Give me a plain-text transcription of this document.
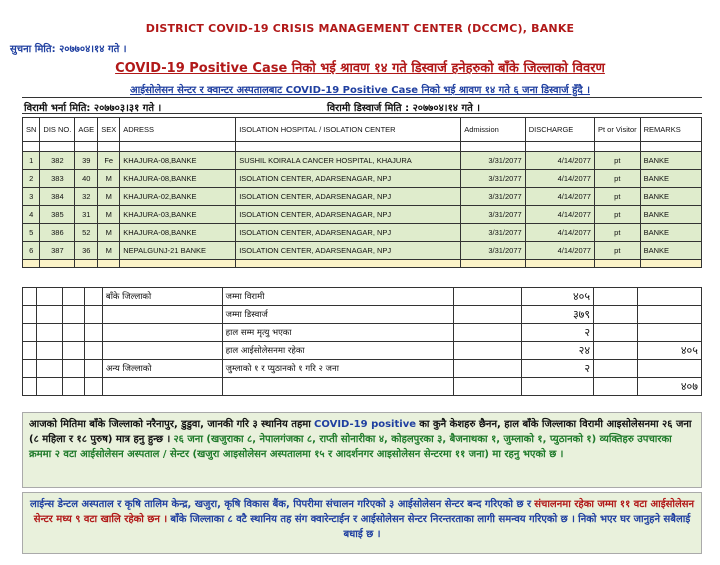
DISTRICT COVID-19 CRISIS MANAGEMENT CENTER (DCCMC), BANKE
सुचना मिति: २०७७०४।१४ गते ।
COVID-19 Positive Case निको भई श्रावण १४ गते डिस्वार्ज हनेहरुको बाँके जिल्लाको विवरण
आईसोलेसन सेन्टर र क्वान्टर अस्पतालबाट COVID-19 Positive Case निको भई श्रावण १४ गते ६ जना डिस्वार्ज हुँदै ।
विरामी भर्ना मिति: २०७७०३।३१ गते ।	विरामी डिस्वार्ज मिति : २०७७०४।१४ गते ।
SN	DIS NO.	AGE	SEX	ADRESS	ISOLATION HOSPITAL / ISOLATION CENTER	Admission	DISCHARGE	Pt or Visitor	REMARKS

1	382	39	Fe	KHAJURA-08,BANKE	SUSHIL KOIRALA CANCER HOSPITAL, KHAJURA	3/31/2077	4/14/2077	pt	BANKE
2	383	40	M	KHAJURA-08,BANKE	ISOLATION CENTER, ADARSENAGAR, NPJ	3/31/2077	4/14/2077	pt	BANKE
3	384	32	M	KHAJURA-02,BANKE	ISOLATION CENTER, ADARSENAGAR, NPJ	3/31/2077	4/14/2077	pt	BANKE
4	385	31	M	KHAJURA-03,BANKE	ISOLATION CENTER, ADARSENAGAR, NPJ	3/31/2077	4/14/2077	pt	BANKE
5	386	52	M	KHAJURA-08,BANKE	ISOLATION CENTER, ADARSENAGAR, NPJ	3/31/2077	4/14/2077	pt	BANKE
6	387	36	M	NEPALGUNJ-21 BANKE	ISOLATION CENTER, ADARSENAGAR, NPJ	3/31/2077	4/14/2077	pt	BANKE

				बाँके जिल्लाको	जम्मा विरामी		४०५		
					जम्मा डिस्वार्ज		३७९		
					हाल सम्म मृत्यु भएका		२		
					हाल आईसोलेसनमा रहेका		२४		४०५
				अन्य जिल्लाको	जुम्लाको १ र प्युठानको १ गरि २ जना		२		
									४०७
आजको मितिमा बाँके जिल्लाको नरैनापुर, डुडुवा, जानकी गरि ३ स्थानिय तहमा COVID-19 positive का कुनै केशहरु छैनन, हाल बाँके जिल्लाका विरामी आइसोलेसनमा २६ जना (८ महिला र १८ पुरुष) मात्र हनु हुन्छ । २६ जना (खजुराका ८, नेपालगंजका ८, राप्ती सोनारीका ४, कोहलपुरका ३, बैजनाथका १, जुम्लाको १, प्युठानको १) व्यक्तिहरु उपचारका क्रममा २ वटा आईसोलेसन अस्पताल / सेन्टर (खजुरा आइसोलेसन अस्पतालमा १५ र आदर्शनगर आइसोलेसन सेन्टरमा ११ जना) मा रहनु भएको छ ।
लाईन्स डेन्टल अस्पताल र कृषि तालिम केन्द्र, खजुरा, कृषि विकास बैंक, पिपरीमा संचालन गरिएको ३ आईसोलेसन सेन्टर बन्द गरिएको छ र संचालनमा रहेका जम्मा ११ वटा आईसोलेसन सेन्टर मध्य ९ वटा खालि रहेको छन । बाँके जिल्लाका ८ वटै स्थानिय तह संग क्वारेन्टाईन र आईसोलेसन सेन्टर निरन्तरताका लागी समन्वय गरिएको छ । निको भएर घर जानुहने सबैलाई बधाई छ ।
